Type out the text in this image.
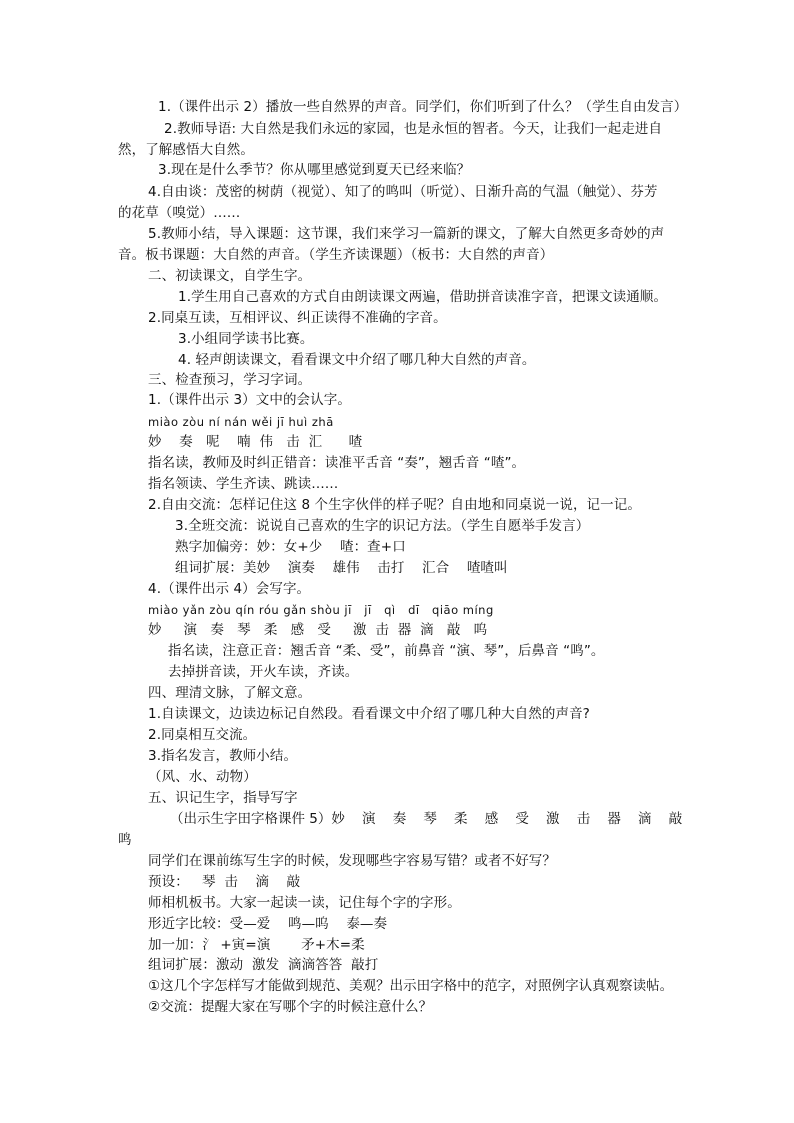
1.（课件出示 2）播放一些自然界的声音。同学们，你们听到了什么？（学生自由发言）
2.教师导语: 大自然是我们永远的家园，也是永恒的智者。今天，让我们一起走进自
然，了解感悟大自然。
3.现在是什么季节？你从哪里感觉到夏天已经来临？
4.自由谈：茂密的树荫（视觉）、知了的鸣叫（听觉）、日渐升高的气温（触觉）、芬芳
的花草（嗅觉）……
5.教师小结，导入课题：这节课，我们来学习一篇新的课文，了解大自然更多奇妙的声
音。板书课题：大自然的声音。（学生齐读课题）（板书：大自然的声音）
二、初读课文，自学生字。
1.学生用自己喜欢的方式自由朗读课文两遍，借助拼音读准字音，把课文读通顺。
2.同桌互读，互相评议、纠正读得不准确的字音。
3.小组同学读书比赛。
4. 轻声朗读课文，看看课文中介绍了哪几种大自然的声音。
三、检查预习，学习字词。
1.（课件出示 3）文中的会认字。
miào zòu ní nán wěi jī huì zhā
妙    奏   呢    喃  伟   击  汇      喳
指名读，教师及时纠正错音：读准平舌音 “奏”，翘舌音 “喳”。
指名领读、学生齐读、跳读……
2.自由交流：怎样记住这 8 个生字伙伴的样子呢？自由地和同桌说一说，记一记。
3.全班交流：说说自己喜欢的生字的识记方法。（学生自愿举手发言）
熟字加偏旁：妙：女+少    喳：查+口
组词扩展：美妙    演奏    雄伟    击打    汇合    喳喳叫
4.（课件出示 4）会写字。
miào yǎn zòu qín róu gǎn shòu jī   jī   qì   dī   qiāo míng
妙     演   奏   琴   柔   感   受     激  击  器  滴   敲   呜
指名读，注意正音：翘舌音 “柔、受”，前鼻音 “演、琴”，后鼻音 “鸣”。
去掉拼音读，开火车读，齐读。
四、理清文脉，了解文意。
1.自读课文，边读边标记自然段。看看课文中介绍了哪几种大自然的声音?
2.同桌相互交流。
3.指名发言，教师小结。
（风、水、动物）
五、识记生字，指导写字
（出示生字田字格课件 5）妙    演    奏    琴    柔    感    受    激    击    器    滴    敲
鸣
同学们在课前练写生字的时候，发现哪些字容易写错？或者不好写？
预设：   琴  击    滴    敲
师相机板书。大家一起读一读，记住每个字的字形。
形近字比较：受—爱    鸣—呜    泰—奏
加一加：氵 +寅=演       矛+木=柔
组词扩展：激动  激发  滴滴答答  敲打
①这几个字怎样写才能做到规范、美观？出示田字格中的范字，对照例字认真观察读帖。
②交流：提醒大家在写哪个字的时候注意什么？
